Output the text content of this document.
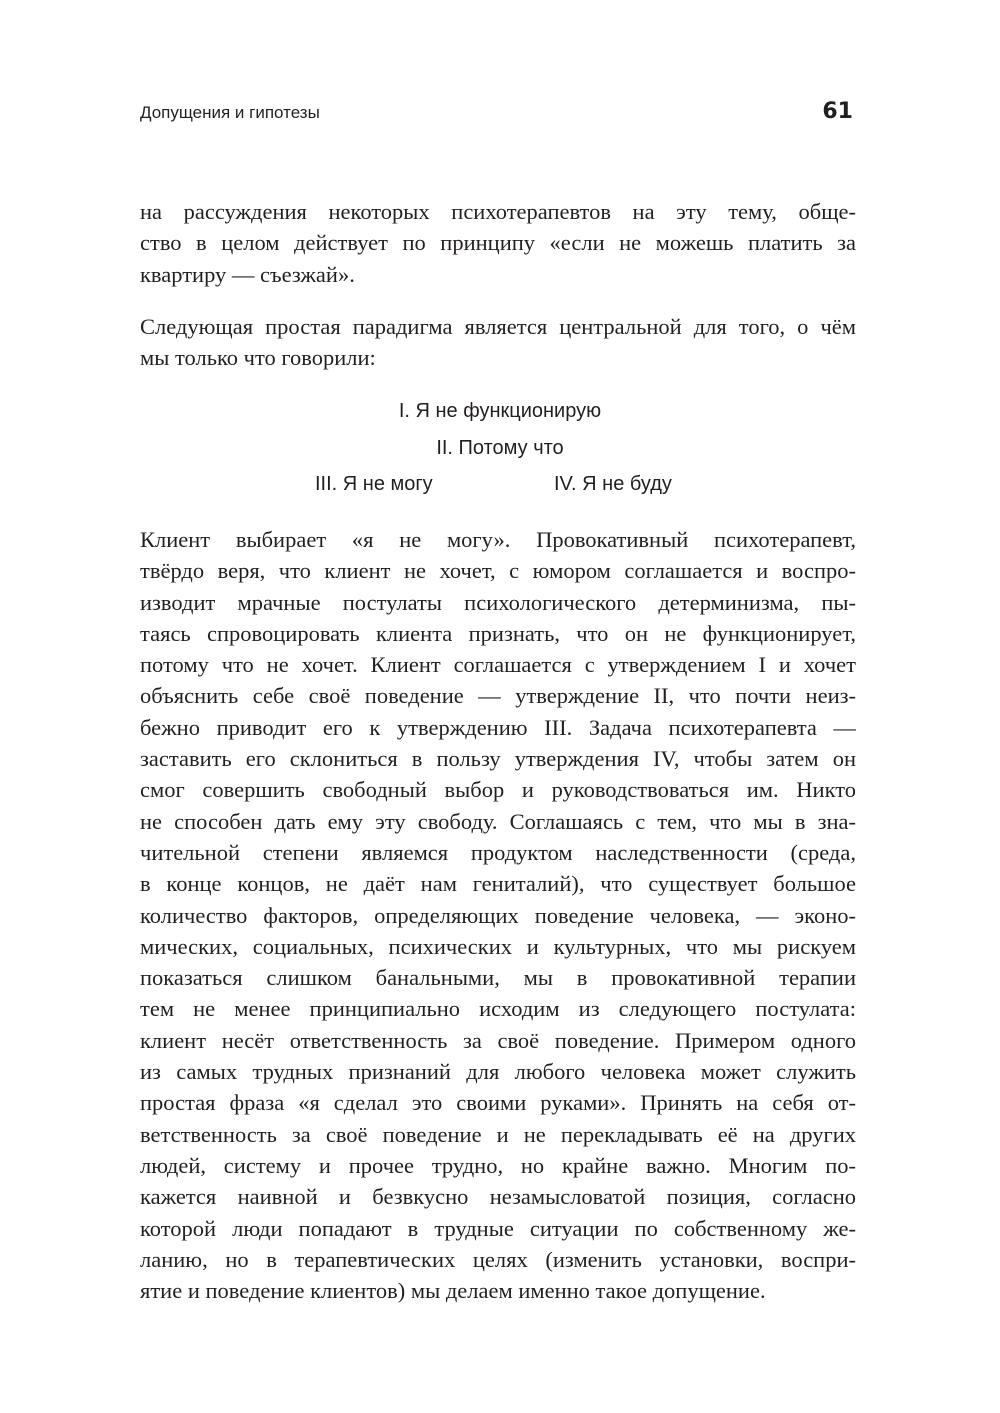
Допущения и гипотезы	61
на рассуждения некоторых психотерапевтов на эту тему, обще-
ство в целом действует по принципу «если не можешь платить за
квартиру — съезжай».
Следующая простая парадигма является центральной для того, о чём
мы только что говорили:
I. Я не функционирую
II. Потому что
III. Я не могу	IV. Я не буду
Клиент выбирает «я не могу». Провокативный психотерапевт,
твёрдо веря, что клиент не хочет, с юмором соглашается и воспро-
изводит мрачные постулаты психологического детерминизма, пы-
таясь спровоцировать клиента признать, что он не функционирует,
потому что не хочет. Клиент соглашается с утверждением I и хочет
объяснить себе своё поведение — утверждение II, что почти неиз-
бежно приводит его к утверждению III. Задача психотерапевта —
заставить его склониться в пользу утверждения IV, чтобы затем он
смог совершить свободный выбор и руководствоваться им. Никто
не способен дать ему эту свободу. Соглашаясь с тем, что мы в зна-
чительной степени являемся продуктом наследственности (среда,
в конце концов, не даёт нам гениталий), что существует большое
количество факторов, определяющих поведение человека, — эконо-
мических, социальных, психических и культурных, что мы рискуем
показаться слишком банальными, мы в провокативной терапии
тем не менее принципиально исходим из следующего постулата:
клиент несёт ответственность за своё поведение. Примером одного
из самых трудных признаний для любого человека может служить
простая фраза «я сделал это своими руками». Принять на себя от-
ветственность за своё поведение и не перекладывать её на других
людей, систему и прочее трудно, но крайне важно. Многим по-
кажется наивной и безвкусно незамысловатой позиция, согласно
которой люди попадают в трудные ситуации по собственному же-
ланию, но в терапевтических целях (изменить установки, воспри-
ятие и поведение клиентов) мы делаем именно такое допущение.
